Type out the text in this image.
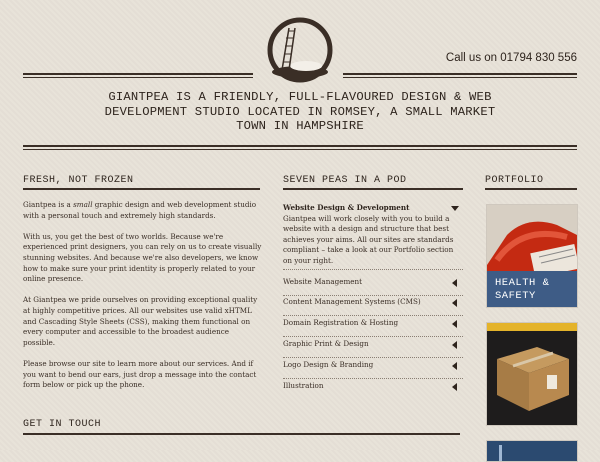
Call us on 01794 830 556
GIANTPEA IS A FRIENDLY, FULL-FLAVOURED DESIGN & WEB
DEVELOPMENT STUDIO LOCATED IN ROMSEY, A SMALL MARKET
TOWN IN HAMPSHIRE
FRESH, NOT FROZEN

Giantpea is a small graphic design and web development studio with a personal touch and extremely high standards.

With us, you get the best of two worlds. Because we're experienced print designers, you can rely on us to create visually stunning websites. And because we're also developers, we know how to make sure your print identity is properly related to your online presence.

At Giantpea we pride ourselves on providing exceptional quality at highly competitive prices. All our websites use valid xHTML and Cascading Style Sheets (CSS), making them functional on every computer and accessible to the broadest audience possible.

Please browse our site to learn more about our services. And if you want to bend our ears, just drop a message into the contact form below or pick up the phone.

GET IN TOUCH
SEVEN PEAS IN A POD
Website Design & Development
Giantpea will work closely with you to build a website with a design and structure that best achieves your aims. All our sites are standards compliant – take a look at our Portfolio section on your right.
Website Management
Content Management Systems (CMS)
Domain Registration & Hosting
Graphic Print & Design
Logo Design & Branding
Illustration
PORTFOLIO
HEALTH &
SAFETY
